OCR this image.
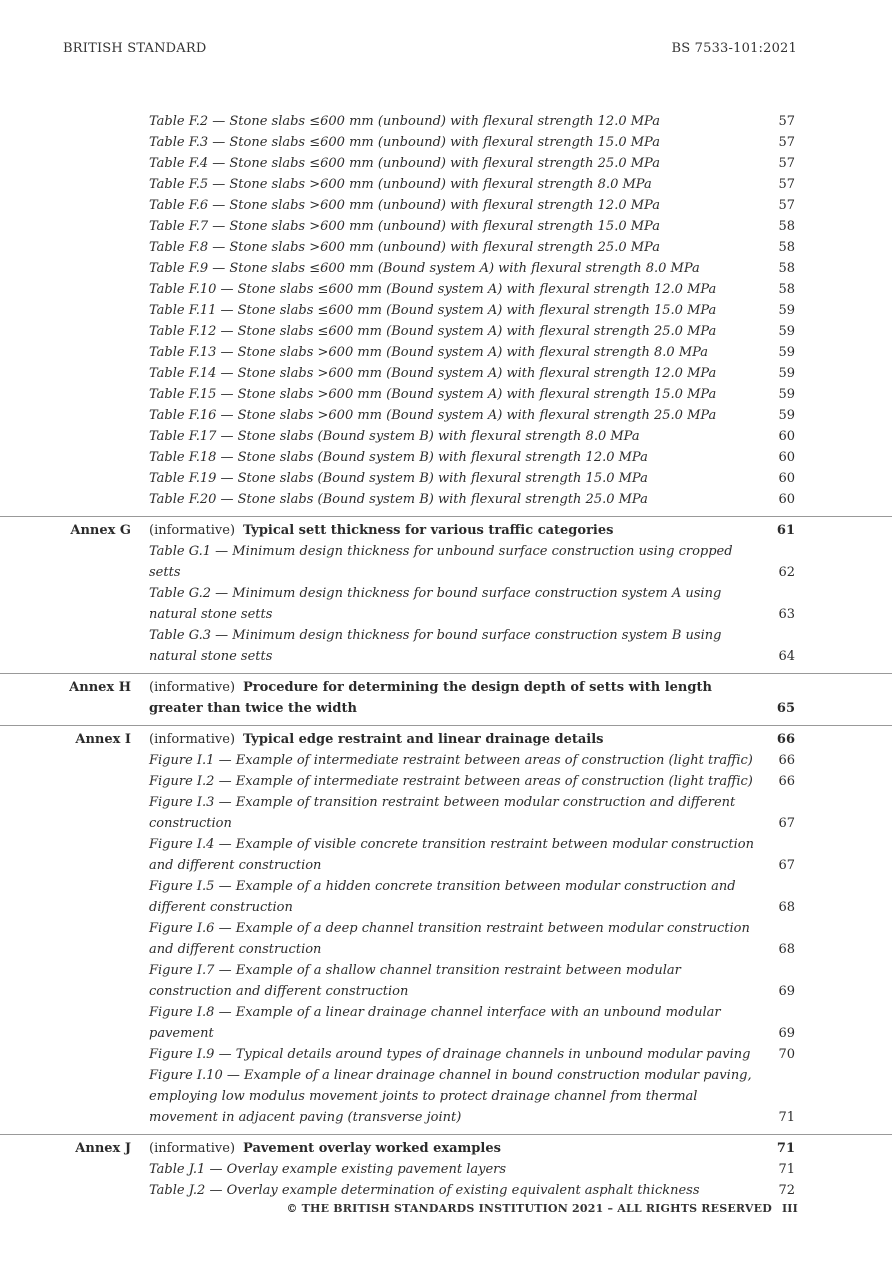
BRITISH STANDARD	BS 7533-101:2021
Table F.2 — Stone slabs ≤600 mm (unbound) with flexural strength 12.0 MPa	57
Table F.3 — Stone slabs ≤600 mm (unbound) with flexural strength 15.0 MPa	57
Table F.4 — Stone slabs ≤600 mm (unbound) with flexural strength 25.0 MPa	57
Table F.5 — Stone slabs >600 mm (unbound) with flexural strength 8.0 MPa	57
Table F.6 — Stone slabs >600 mm (unbound) with flexural strength 12.0 MPa	57
Table F.7 — Stone slabs >600 mm (unbound) with flexural strength 15.0 MPa	58
Table F.8 — Stone slabs >600 mm (unbound) with flexural strength 25.0 MPa	58
Table F.9 — Stone slabs ≤600 mm (Bound system A) with flexural strength 8.0 MPa	58
Table F.10 — Stone slabs ≤600 mm (Bound system A) with flexural strength 12.0 MPa	58
Table F.11 — Stone slabs ≤600 mm (Bound system A) with flexural strength 15.0 MPa	59
Table F.12 — Stone slabs ≤600 mm (Bound system A) with flexural strength 25.0 MPa	59
Table F.13 — Stone slabs >600 mm (Bound system A) with flexural strength 8.0 MPa	59
Table F.14 — Stone slabs >600 mm (Bound system A) with flexural strength 12.0 MPa	59
Table F.15 — Stone slabs >600 mm (Bound system A) with flexural strength 15.0 MPa	59
Table F.16 — Stone slabs >600 mm (Bound system A) with flexural strength 25.0 MPa	59
Table F.17 — Stone slabs (Bound system B) with flexural strength 8.0 MPa	60
Table F.18 — Stone slabs (Bound system B) with flexural strength 12.0 MPa	60
Table F.19 — Stone slabs (Bound system B) with flexural strength 15.0 MPa	60
Table F.20 — Stone slabs (Bound system B) with flexural strength 25.0 MPa	60
Annex G (informative) Typical sett thickness for various traffic categories	61
Table G.1 — Minimum design thickness for unbound surface construction using cropped setts	62
Table G.2 — Minimum design thickness for bound surface construction system A using natural stone setts	63
Table G.3 — Minimum design thickness for bound surface construction system B using natural stone setts	64
Annex H (informative) Procedure for determining the design depth of setts with length greater than twice the width	65
Annex I (informative) Typical edge restraint and linear drainage details	66
Figure I.1 — Example of intermediate restraint between areas of construction (light traffic)	66
Figure I.2 — Example of intermediate restraint between areas of construction (light traffic)	66
Figure I.3 — Example of transition restraint between modular construction and different construction	67
Figure I.4 — Example of visible concrete transition restraint between modular construction and different construction	67
Figure I.5 — Example of a hidden concrete transition between modular construction and different construction	68
Figure I.6 — Example of a deep channel transition restraint between modular construction and different construction	68
Figure I.7 — Example of a shallow channel transition restraint between modular construction and different construction	69
Figure I.8 — Example of a linear drainage channel interface with an unbound modular pavement	69
Figure I.9 — Typical details around types of drainage channels in unbound modular paving	70
Figure I.10 — Example of a linear drainage channel in bound construction modular paving, employing low modulus movement joints to protect drainage channel from thermal movement in adjacent paving (transverse joint)	71
Annex J (informative) Pavement overlay worked examples	71
Table J.1 — Overlay example existing pavement layers	71
Table J.2 — Overlay example determination of existing equivalent asphalt thickness	72
© THE BRITISH STANDARDS INSTITUTION 2021 – ALL RIGHTS RESERVED III
